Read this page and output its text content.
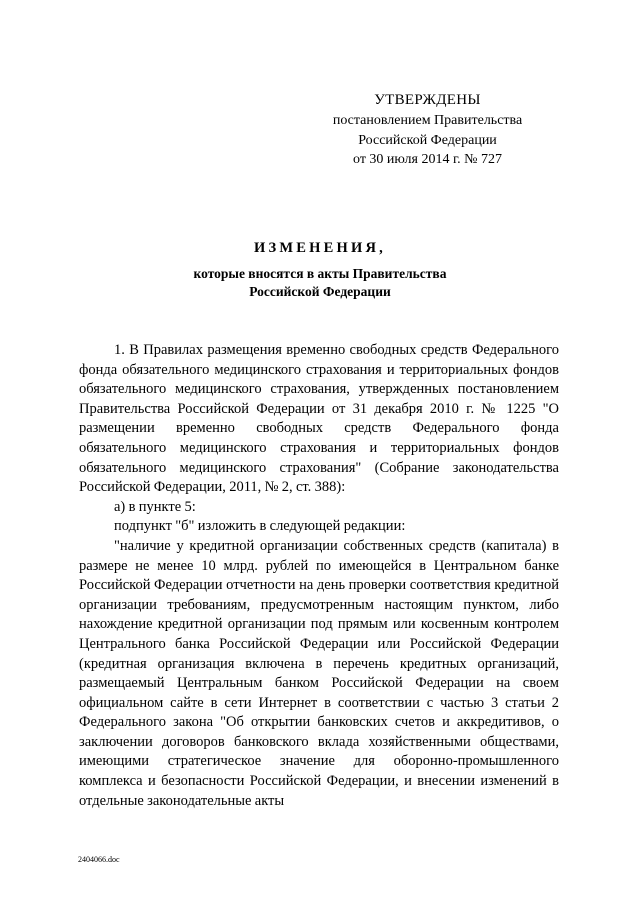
УТВЕРЖДЕНЫ
постановлением Правительства
Российской Федерации
от 30 июля 2014 г. № 727
ИЗМЕНЕНИЯ,
которые вносятся в акты Правительства
Российской Федерации

1. В Правилах размещения временно свободных средств Федерального фонда обязательного медицинского страхования и территориальных фондов обязательного медицинского страхования, утвержденных постановлением Правительства Российской Федерации от 31 декабря 2010 г. № 1225 "О размещении временно свободных средств Федерального фонда обязательного медицинского страхования и территориальных фондов обязательного медицинского страхования" (Собрание законодательства Российской Федерации, 2011, № 2, ст. 388):

а) в пункте 5:

подпункт "б" изложить в следующей редакции:

"наличие у кредитной организации собственных средств (капитала) в размере не менее 10 млрд. рублей по имеющейся в Центральном банке Российской Федерации отчетности на день проверки соответствия кредитной организации требованиям, предусмотренным настоящим пунктом, либо нахождение кредитной организации под прямым или косвенным контролем Центрального банка Российской Федерации или Российской Федерации (кредитная организация включена в перечень кредитных организаций, размещаемый Центральным банком Российской Федерации на своем официальном сайте в сети Интернет в соответствии с частью 3 статьи 2 Федерального закона "Об открытии банковских счетов и аккредитивов, о заключении договоров банковского вклада хозяйственными обществами, имеющими стратегическое значение для оборонно-промышленного комплекса и безопасности Российской Федерации, и внесении изменений в отдельные законодательные акты

2404066.doc
